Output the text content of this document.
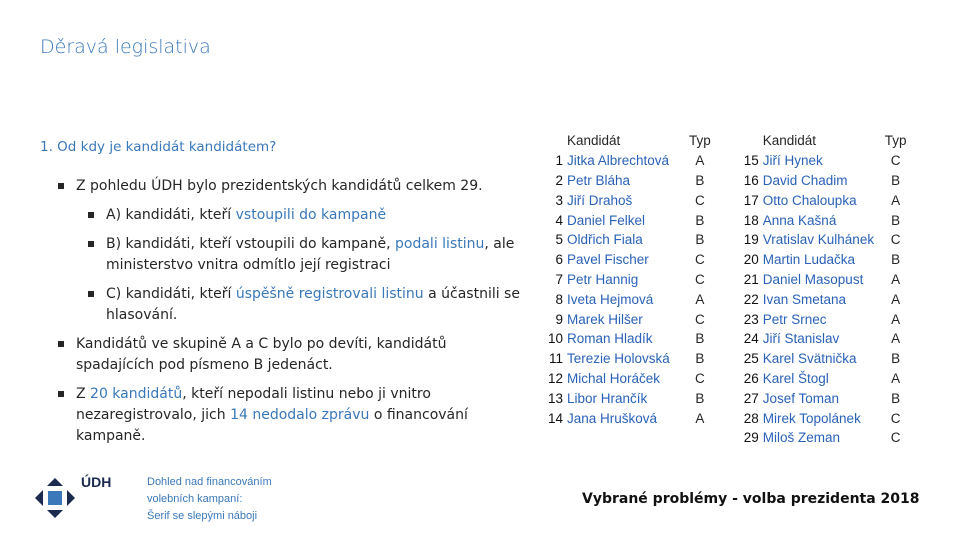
Děravá legislativa
1. Od kdy je kandidát kandidátem?
Z pohledu ÚDH bylo prezidentských kandidátů celkem 29.
A) kandidáti, kteří vstoupili do kampaně
B) kandidáti, kteří vstoupili do kampaně, podali listinu, ale ministerstvo vnitra odmítlo její registraci
C) kandidáti, kteří úspěšně registrovali listinu a účastnili se hlasování.
Kandidátů ve skupině A a C bylo po devíti, kandidátů spadajících pod písmeno B jedenáct.
Z 20 kandidátů, kteří nepodali listinu nebo ji vnitro nezaregistrovalo, jich 14 nedodalo zprávu o financování kampaně.
	Kandidát	Typ			Kandidát	Typ
1	Jitka Albrechtová	A		15	Jiří Hynek	C
2	Petr Bláha	B		16	David Chadim	B
3	Jiří Drahoš	C		17	Otto Chaloupka	A
4	Daniel Felkel	B		18	Anna Kašná	B
5	Oldřich Fiala	B		19	Vratislav Kulhánek	C
6	Pavel Fischer	C		20	Martin Ludačka	B
7	Petr Hannig	C		21	Daniel Masopust	A
8	Iveta Hejmová	A		22	Ivan Smetana	A
9	Marek Hilšer	C		23	Petr Srnec	A
10	Roman Hladík	B		24	Jiří Stanislav	A
11	Terezie Holovská	B		25	Karel Svätnička	B
12	Michal Horáček	C		26	Karel Štogl	A
13	Libor Hrančík	B		27	Josef Toman	B
14	Jana Hrušková	A		28	Mirek Topolánek	C
				29	Miloš Zeman	C
ÚDH	Dohled nad financováním
volebních kampaní:
Šerif se slepými náboji
Vybrané problémy - volba prezidenta 2018
